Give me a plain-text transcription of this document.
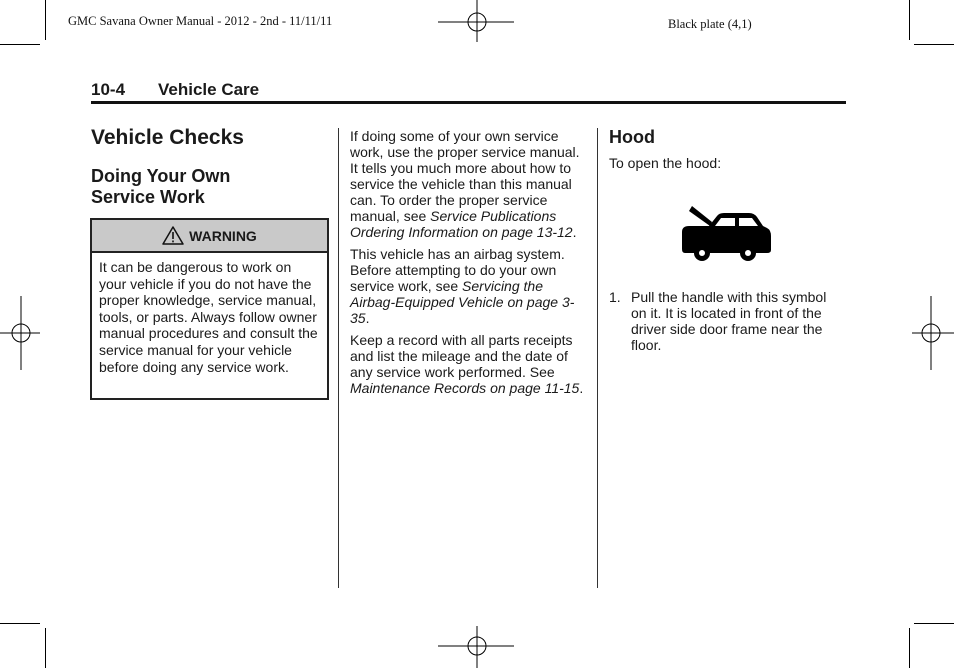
GMC Savana Owner Manual - 2012 - 2nd - 11/11/11	Black plate (4,1)
10-4 Vehicle Care
Vehicle Checks
Doing Your Own
Service Work
WARNING
It can be dangerous to work on your vehicle if you do not have the proper knowledge, service manual, tools, or parts. Always follow owner manual procedures and consult the service manual for your vehicle before doing any service work.

If doing some of your own service work, use the proper service manual. It tells you much more about how to service the vehicle than this manual can. To order the proper service manual, see Service Publications Ordering Information on page 13-12.

This vehicle has an airbag system. Before attempting to do your own service work, see Servicing the Airbag-Equipped Vehicle on page 3-35.

Keep a record with all parts receipts and list the mileage and the date of any service work performed. See Maintenance Records on page 11-15.

Hood
To open the hood:
1. Pull the handle with this symbol on it. It is located in front of the driver side door frame near the floor.
